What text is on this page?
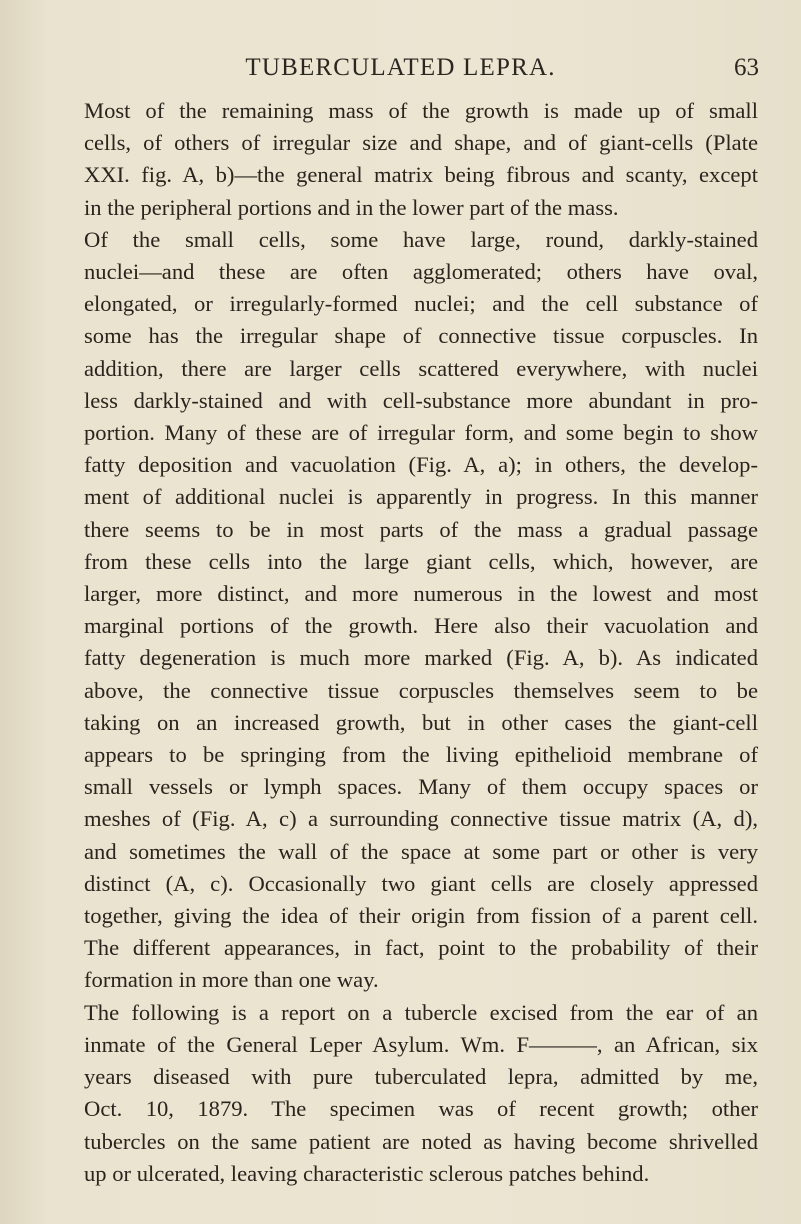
TUBERCULATED LEPRA.	63

Most of the remaining mass of the growth is made up of small
cells, of others of irregular size and shape, and of giant-cells (Plate
XXI. fig. A, b)—the general matrix being fibrous and scanty, except
in the peripheral portions and in the lower part of the mass.

Of the small cells, some have large, round, darkly-stained
nuclei—and these are often agglomerated; others have oval,
elongated, or irregularly-formed nuclei; and the cell substance of
some has the irregular shape of connective tissue corpuscles. In
addition, there are larger cells scattered everywhere, with nuclei
less darkly-stained and with cell-substance more abundant in pro-
portion. Many of these are of irregular form, and some begin to show
fatty deposition and vacuolation (Fig. A, a); in others, the develop-
ment of additional nuclei is apparently in progress. In this manner
there seems to be in most parts of the mass a gradual passage
from these cells into the large giant cells, which, however, are
larger, more distinct, and more numerous in the lowest and most
marginal portions of the growth. Here also their vacuolation and
fatty degeneration is much more marked (Fig. A, b). As indicated
above, the connective tissue corpuscles themselves seem to be
taking on an increased growth, but in other cases the giant-cell
appears to be springing from the living epithelioid membrane of
small vessels or lymph spaces. Many of them occupy spaces or
meshes of (Fig. A, c) a surrounding connective tissue matrix (A, d),
and sometimes the wall of the space at some part or other is very
distinct (A, c). Occasionally two giant cells are closely appressed
together, giving the idea of their origin from fission of a parent cell.
The different appearances, in fact, point to the probability of their
formation in more than one way.

The following is a report on a tubercle excised from the ear of an
inmate of the General Leper Asylum. Wm. F———, an African, six
years diseased with pure tuberculated lepra, admitted by me,
Oct. 10, 1879. The specimen was of recent growth; other
tubercles on the same patient are noted as having become shrivelled
up or ulcerated, leaving characteristic sclerous patches behind.
